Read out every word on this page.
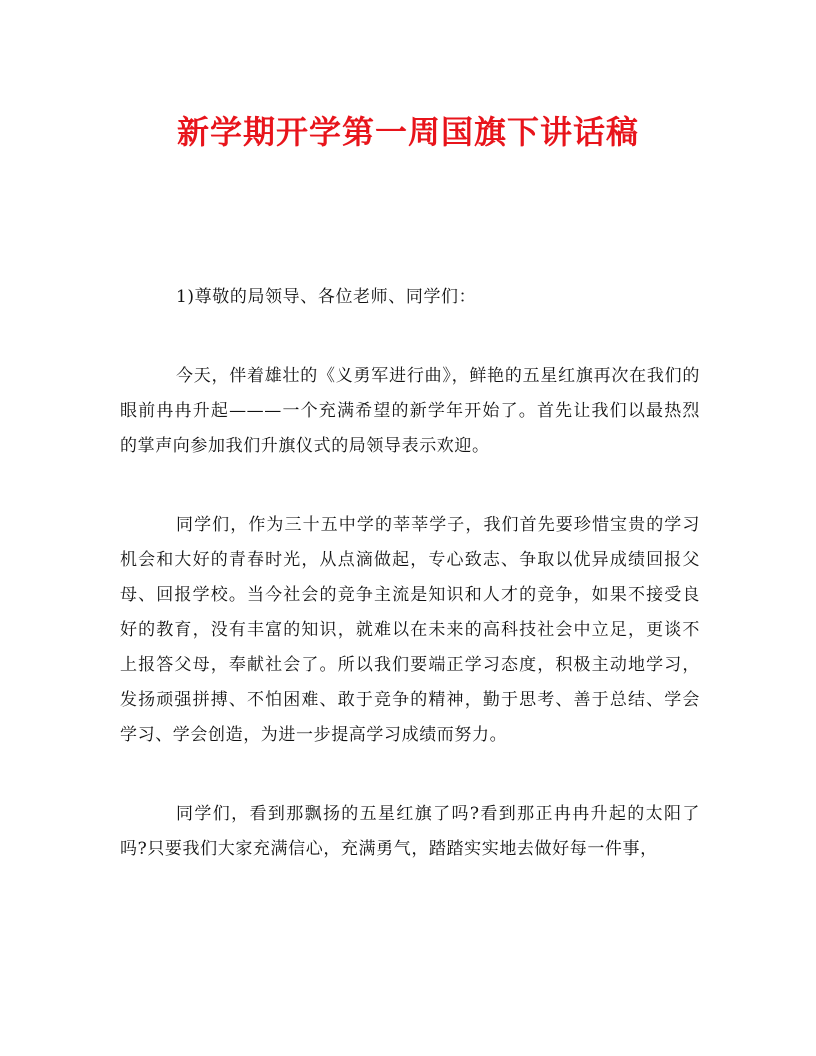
新学期开学第一周国旗下讲话稿

1)尊敬的局领导、各位老师、同学们：

今天，伴着雄壮的《义勇军进行曲》，鲜艳的五星红旗再次在我们的眼前冉冉升起———一个充满希望的新学年开始了。首先让我们以最热烈的掌声向参加我们升旗仪式的局领导表示欢迎。

同学们，作为三十五中学的莘莘学子，我们首先要珍惜宝贵的学习机会和大好的青春时光，从点滴做起，专心致志、争取以优异成绩回报父母、回报学校。当今社会的竞争主流是知识和人才的竞争，如果不接受良好的教育，没有丰富的知识，就难以在未来的高科技社会中立足，更谈不上报答父母，奉献社会了。所以我们要端正学习态度，积极主动地学习，发扬顽强拼搏、不怕困难、敢于竞争的精神，勤于思考、善于总结、学会学习、学会创造，为进一步提高学习成绩而努力。

同学们，看到那飘扬的五星红旗了吗?看到那正冉冉升起的太阳了吗?只要我们大家充满信心，充满勇气，踏踏实实地去做好每一件事，
